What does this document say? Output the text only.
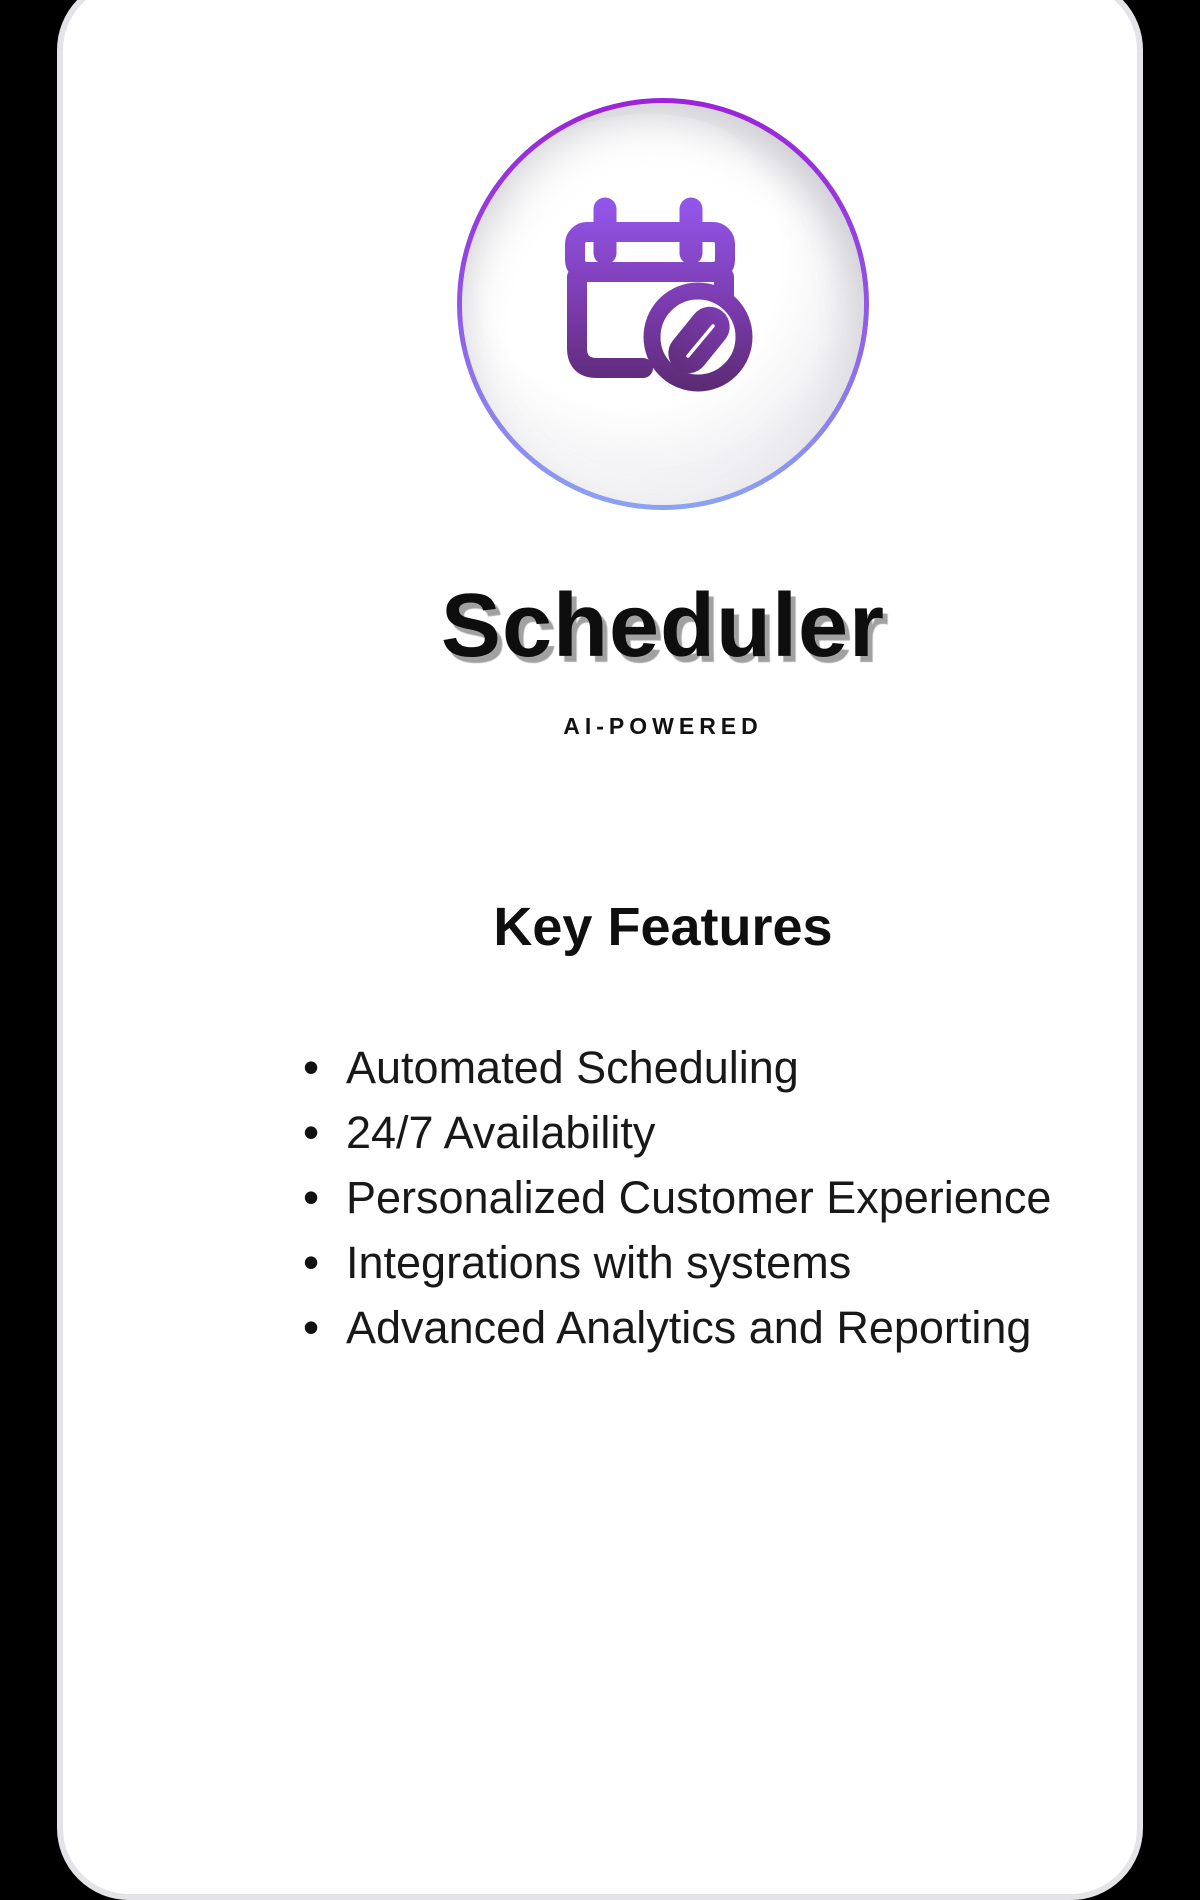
Scheduler
AI-POWERED
Key Features
• Automated Scheduling
• 24/7 Availability
• Personalized Customer Experience
• Integrations with systems
• Advanced Analytics and Reporting
